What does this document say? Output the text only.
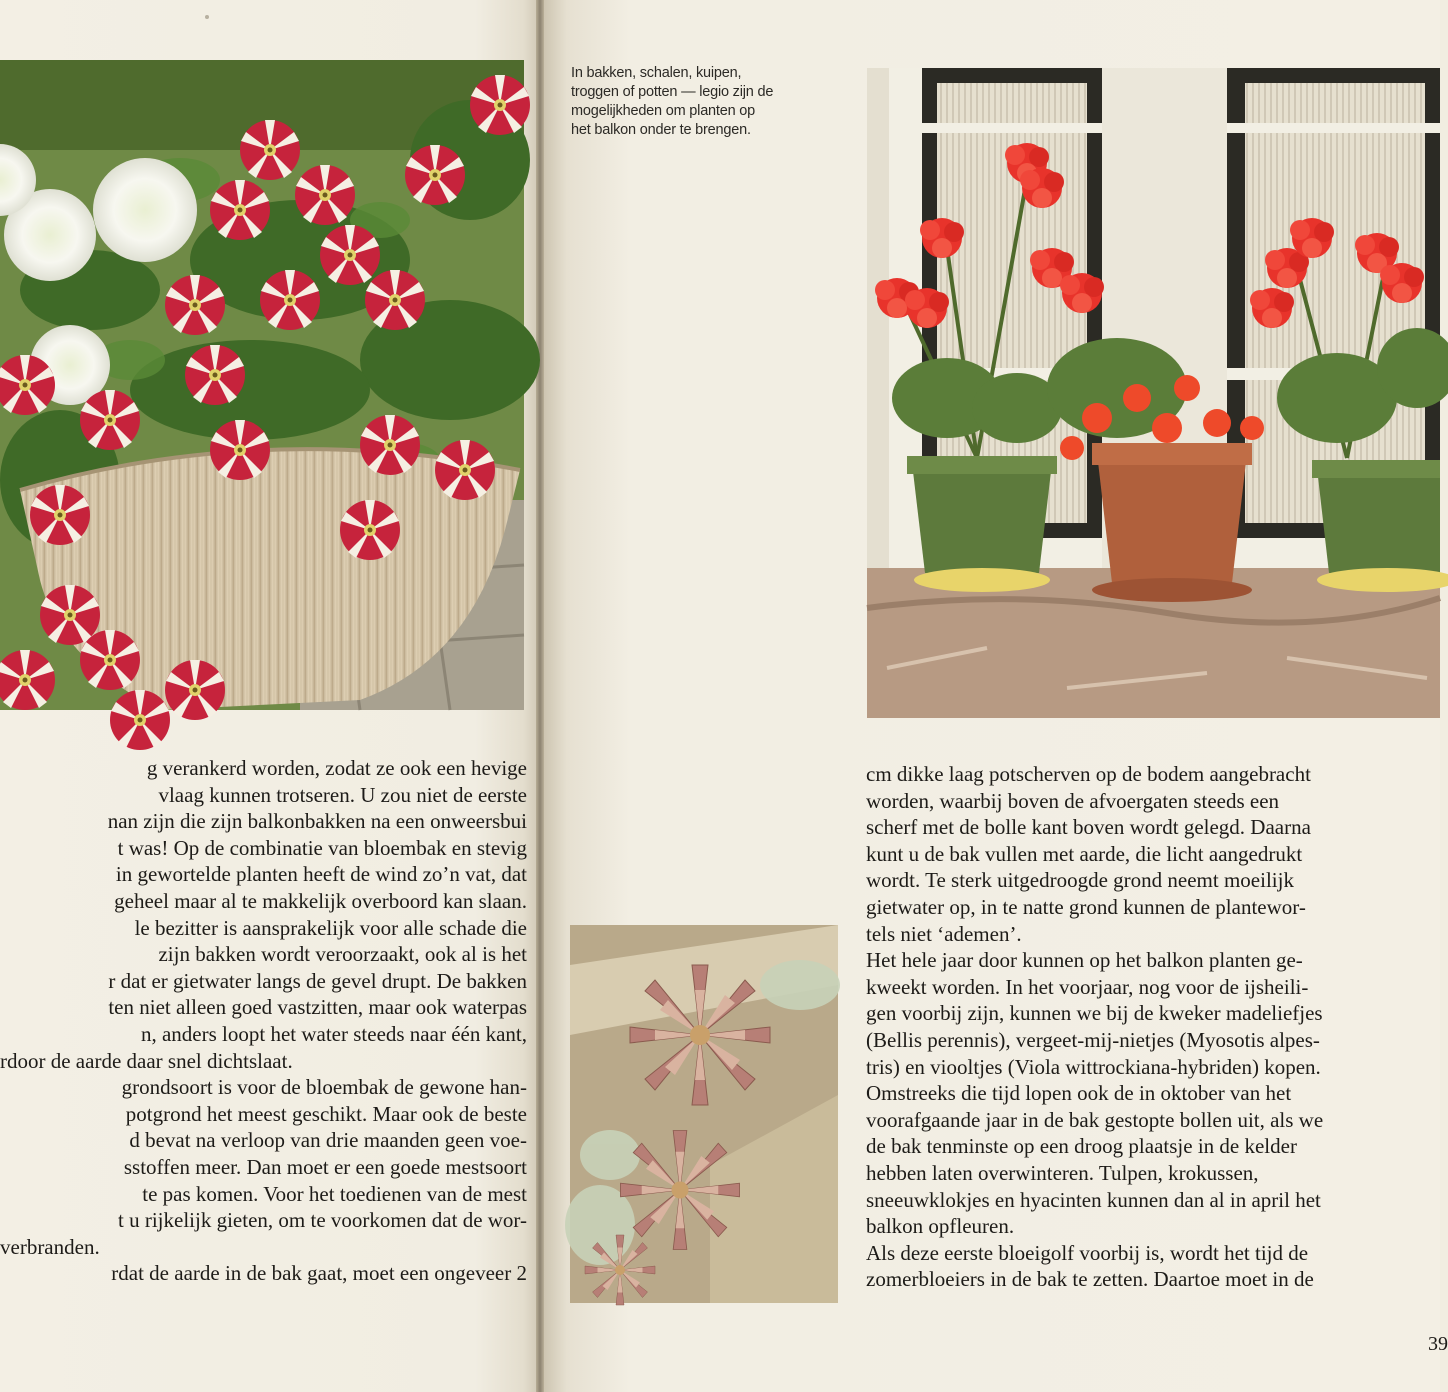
In bakken, schalen, kuipen,
troggen of potten — legio zijn de
mogelijkheden om planten op
het balkon onder te brengen.
g verankerd worden, zodat ze ook een hevige
vlaag kunnen trotseren. U zou niet de eerste
nan zijn die zijn balkonbakken na een onweersbui
t was! Op de combinatie van bloembak en stevig
in gewortelde planten heeft de wind zo’n vat, dat
geheel maar al te makkelijk overboord kan slaan.
le bezitter is aansprakelijk voor alle schade die
zijn bakken wordt veroorzaakt, ook al is het
r dat er gietwater langs de gevel drupt. De bakken
ten niet alleen goed vastzitten, maar ook waterpas
n, anders loopt het water steeds naar één kant,
rdoor de aarde daar snel dichtslaat.
grondsoort is voor de bloembak de gewone han-
potgrond het meest geschikt. Maar ook de beste
d bevat na verloop van drie maanden geen voe-
sstoffen meer. Dan moet er een goede mestsoort
te pas komen. Voor het toedienen van de mest
t u rijkelijk gieten, om te voorkomen dat de wor-
verbranden.
rdat de aarde in de bak gaat, moet een ongeveer 2
cm dikke laag potscherven op de bodem aangebracht
worden, waarbij boven de afvoergaten steeds een
scherf met de bolle kant boven wordt gelegd. Daarna
kunt u de bak vullen met aarde, die licht aangedrukt
wordt. Te sterk uitgedroogde grond neemt moeilijk
gietwater op, in te natte grond kunnen de plantewor-
tels niet ‘ademen’.
Het hele jaar door kunnen op het balkon planten ge-
kweekt worden. In het voorjaar, nog voor de ijsheili-
gen voorbij zijn, kunnen we bij de kweker madeliefjes
(Bellis perennis), vergeet-mij-nietjes (Myosotis alpes-
tris) en viooltjes (Viola wittrockiana-hybriden) kopen.
Omstreeks die tijd lopen ook de in oktober van het
voorafgaande jaar in de bak gestopte bollen uit, als we
de bak tenminste op een droog plaatsje in de kelder
hebben laten overwinteren. Tulpen, krokussen,
sneeuwklokjes en hyacinten kunnen dan al in april het
balkon opfleuren.
Als deze eerste bloeigolf voorbij is, wordt het tijd de
zomerbloeiers in de bak te zetten. Daartoe moet in de
39
